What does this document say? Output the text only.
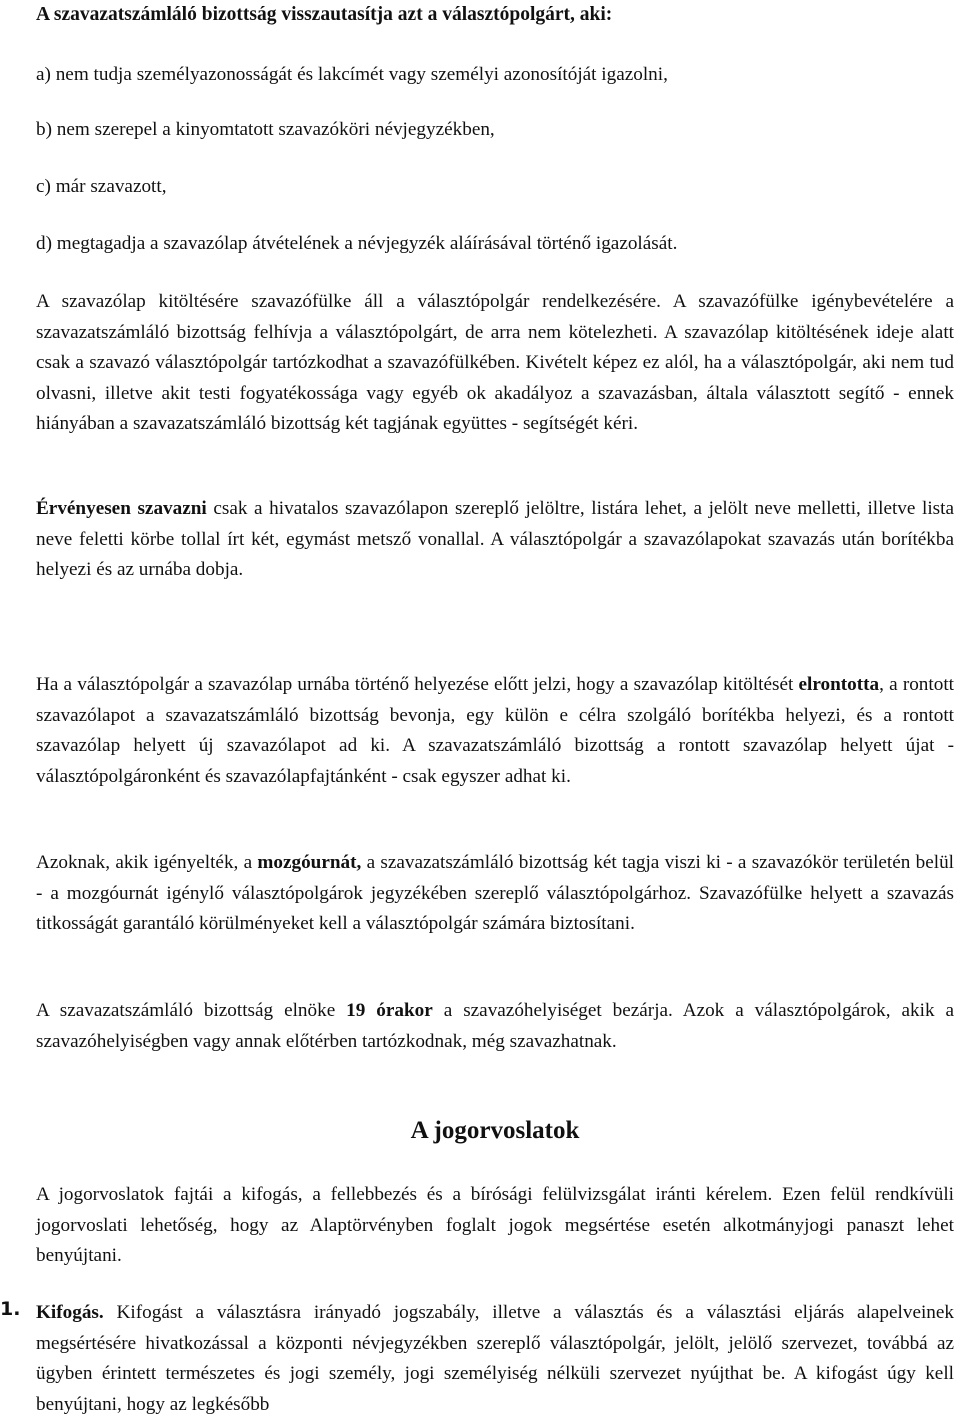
A szavazatszámláló bizottság visszautasítja azt a választópolgárt, aki:

a) nem tudja személyazonosságát és lakcímét vagy személyi azonosítóját igazolni,

b) nem szerepel a kinyomtatott szavazóköri névjegyzékben,

c) már szavazott,

d) megtagadja a szavazólap átvételének a névjegyzék aláírásával történő igazolását.

A szavazólap kitöltésére szavazófülke áll a választópolgár rendelkezésére. A szavazófülke igénybevételére a szavazatszámláló bizottság felhívja a választópolgárt, de arra nem kötelezheti. A szavazólap kitöltésének ideje alatt csak a szavazó választópolgár tartózkodhat a szavazófülkében. Kivételt képez ez alól, ha a választópolgár, aki nem tud olvasni, illetve akit testi fogyatékossága vagy egyéb ok akadályoz a szavazásban, általa választott segítő - ennek hiányában a szavazatszámláló bizottság két tagjának együttes - segítségét kéri.

Érvényesen szavazni csak a hivatalos szavazólapon szereplő jelöltre, listára lehet, a jelölt neve melletti, illetve lista neve feletti körbe tollal írt két, egymást metsző vonallal. A választópolgár a szavazólapokat szavazás után borítékba helyezi és az urnába dobja.

Ha a választópolgár a szavazólap urnába történő helyezése előtt jelzi, hogy a szavazólap kitöltését elrontotta, a rontott szavazólapot a szavazatszámláló bizottság bevonja, egy külön e célra szolgáló borítékba helyezi, és a rontott szavazólap helyett új szavazólapot ad ki. A szavazatszámláló bizottság a rontott szavazólap helyett újat - választópolgáronként és szavazólapfajtánként - csak egyszer adhat ki.

Azoknak, akik igényelték, a mozgóurnát, a szavazatszámláló bizottság két tagja viszi ki - a szavazókör területén belül - a mozgóurnát igénylő választópolgárok jegyzékében szereplő választópolgárhoz. Szavazófülke helyett a szavazás titkosságát garantáló körülményeket kell a választópolgár számára biztosítani.

A szavazatszámláló bizottság elnöke 19 órakor a szavazóhelyiséget bezárja. Azok a választópolgárok, akik a szavazóhelyiségben vagy annak előtérben tartózkodnak, még szavazhatnak.

A jogorvoslatok

A jogorvoslatok fajtái a kifogás, a fellebbezés és a bírósági felülvizsgálat iránti kérelem. Ezen felül rendkívüli jogorvoslati lehetőség, hogy az Alaptörvényben foglalt jogok megsértése esetén alkotmányjogi panaszt lehet benyújtani.

1. Kifogás. Kifogást a választásra irányadó jogszabály, illetve a választás és a választási eljárás alapelveinek megsértésére hivatkozással a központi névjegyzékben szereplő választópolgár, jelölt, jelölő szervezet, továbbá az ügyben érintett természetes és jogi személy, jogi személyiség nélküli szervezet nyújthat be. A kifogást úgy kell benyújtani, hogy az legkésőbb
